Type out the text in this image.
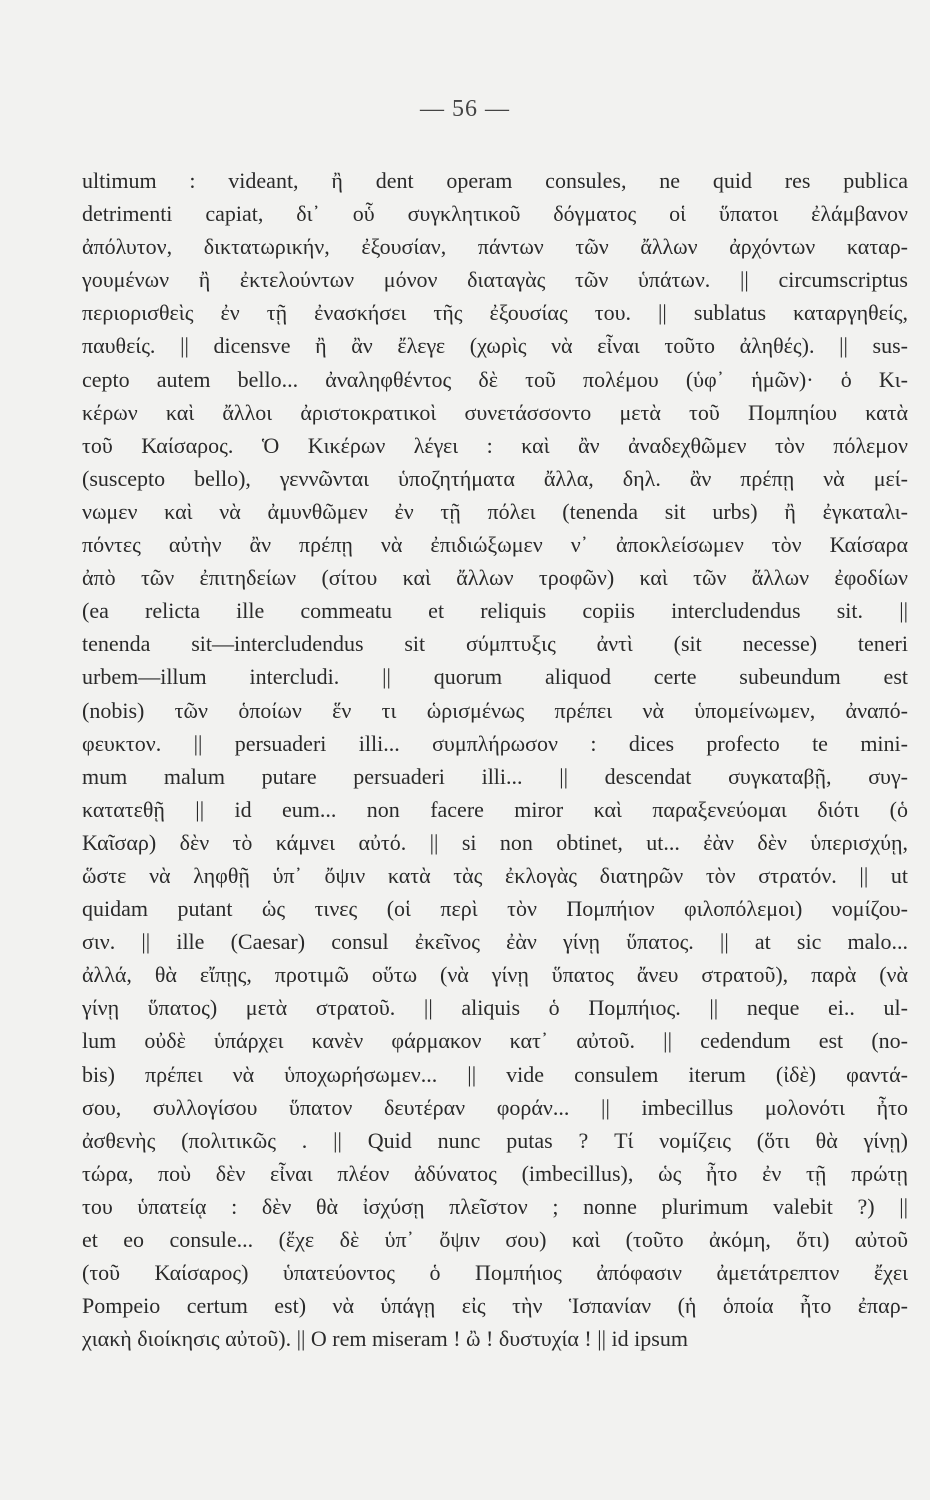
— 56 —
ultimum : videant, ἢ dent operam consules, ne quid res publica
detrimenti capiat, δι᾽ οὗ συγκλητικοῦ δόγματος οἱ ὕπατοι ἐλάμβανον
ἀπόλυτον, δικτατωρικήν, ἐξουσίαν, πάντων τῶν ἄλλων ἀρχόντων καταρ-
γουμένων ἢ ἐκτελούντων μόνον διαταγὰς τῶν ὑπάτων. || circumscriptus
περιορισθεὶς ἐν τῇ ἐνασκήσει τῆς ἐξουσίας του. || sublatus καταργηθείς,
παυθείς. || dicensve ἢ ἂν ἔλεγε (χωρὶς νὰ εἶναι τοῦτο ἀληθές). || sus-
cepto autem bello... ἀναληφθέντος δὲ τοῦ πολέμου (ὑφ᾽ ἡμῶν)· ὁ Κι-
κέρων καὶ ἄλλοι ἀριστοκρατικοὶ συνετάσσοντο μετὰ τοῦ Πομπηίου κατὰ
τοῦ Καίσαρος. Ὁ Κικέρων λέγει : καὶ ἂν ἀναδεχθῶμεν τὸν πόλεμον
(suscepto bello), γεννῶνται ὑποζητήματα ἄλλα, δηλ. ἂν πρέπῃ νὰ μεί-
νωμεν καὶ νὰ ἀμυνθῶμεν ἐν τῇ πόλει (tenenda sit urbs) ἢ ἐγκαταλι-
πόντες αὐτὴν ἂν πρέπῃ νὰ ἐπιδιώξωμεν ν᾽ ἀποκλείσωμεν τὸν Καίσαρα
ἀπὸ τῶν ἐπιτηδείων (σίτου καὶ ἄλλων τροφῶν) καὶ τῶν ἄλλων ἐφοδίων
(ea relicta ille commeatu et reliquis copiis intercludendus sit. ||
tenenda sit—intercludendus sit σύμπτυξις ἀντὶ (sit necesse) teneri
urbem—illum intercludi. || quorum aliquod certe subeundum est
(nobis) τῶν ὁποίων ἕν τι ὡρισμένως πρέπει νὰ ὑπομείνωμεν, ἀναπό-
φευκτον. || persuaderi illi... συμπλήρωσον : dices profecto te mini-
mum malum putare persuaderi illi... || descendat συγκαταβῇ, συγ-
κατατεθῇ || id eum... non facere miror καὶ παραξενεύομαι διότι (ὁ
Καῖσαρ) δὲν τὸ κάμνει αὐτό. || si non obtinet, ut... ἐὰν δὲν ὑπερισχύῃ,
ὥστε νὰ ληφθῇ ὑπ᾽ ὄψιν κατὰ τὰς ἐκλογὰς διατηρῶν τὸν στρατόν. || ut
quidam putant ὡς τινες (οἱ περὶ τὸν Πομπήιον φιλοπόλεμοι) νομίζου-
σιν. || ille (Caesar) consul ἐκεῖνος ἐὰν γίνῃ ὕπατος. || at sic malo...
ἀλλά, θὰ εἴπῃς, προτιμῶ οὕτω (νὰ γίνῃ ὕπατος ἄνευ στρατοῦ), παρὰ (νὰ
γίνῃ ὕπατος) μετὰ στρατοῦ. || aliquis ὁ Πομπήιος. || neque ei.. ul-
lum οὐδὲ ὑπάρχει κανὲν φάρμακον κατ᾽ αὐτοῦ. || cedendum est (no-
bis) πρέπει νὰ ὑποχωρήσωμεν... || vide consulem iterum (ἰδὲ) φαντά-
σου, συλλογίσου ὕπατον δευτέραν φοράν... || imbecillus μολονότι ἦτο
ἀσθενὴς (πολιτικῶς . || Quid nunc putas ? Τί νομίζεις (ὅτι θὰ γίνῃ)
τώρα, ποὺ δὲν εἶναι πλέον ἀδύνατος (imbecillus), ὡς ἦτο ἐν τῇ πρώτῃ
του ὑπατείᾳ : δὲν θὰ ἰσχύσῃ πλεῖστον ; nonne plurimum valebit ?) ||
et eo consule... (ἔχε δὲ ὑπ᾽ ὄψιν σου) καὶ (τοῦτο ἀκόμη, ὅτι) αὐτοῦ
(τοῦ Καίσαρος) ὑπατεύοντος ὁ Πομπήιος ἀπόφασιν ἀμετάτρεπτον ἔχει
Pompeio certum est) νὰ ὑπάγῃ εἰς τὴν Ἱσπανίαν (ἡ ὁποία ἦτο ἐπαρ-
χιακὴ διοίκησις αὐτοῦ). || O rem miseram ! ὢ ! δυστυχία ! || id ipsum
